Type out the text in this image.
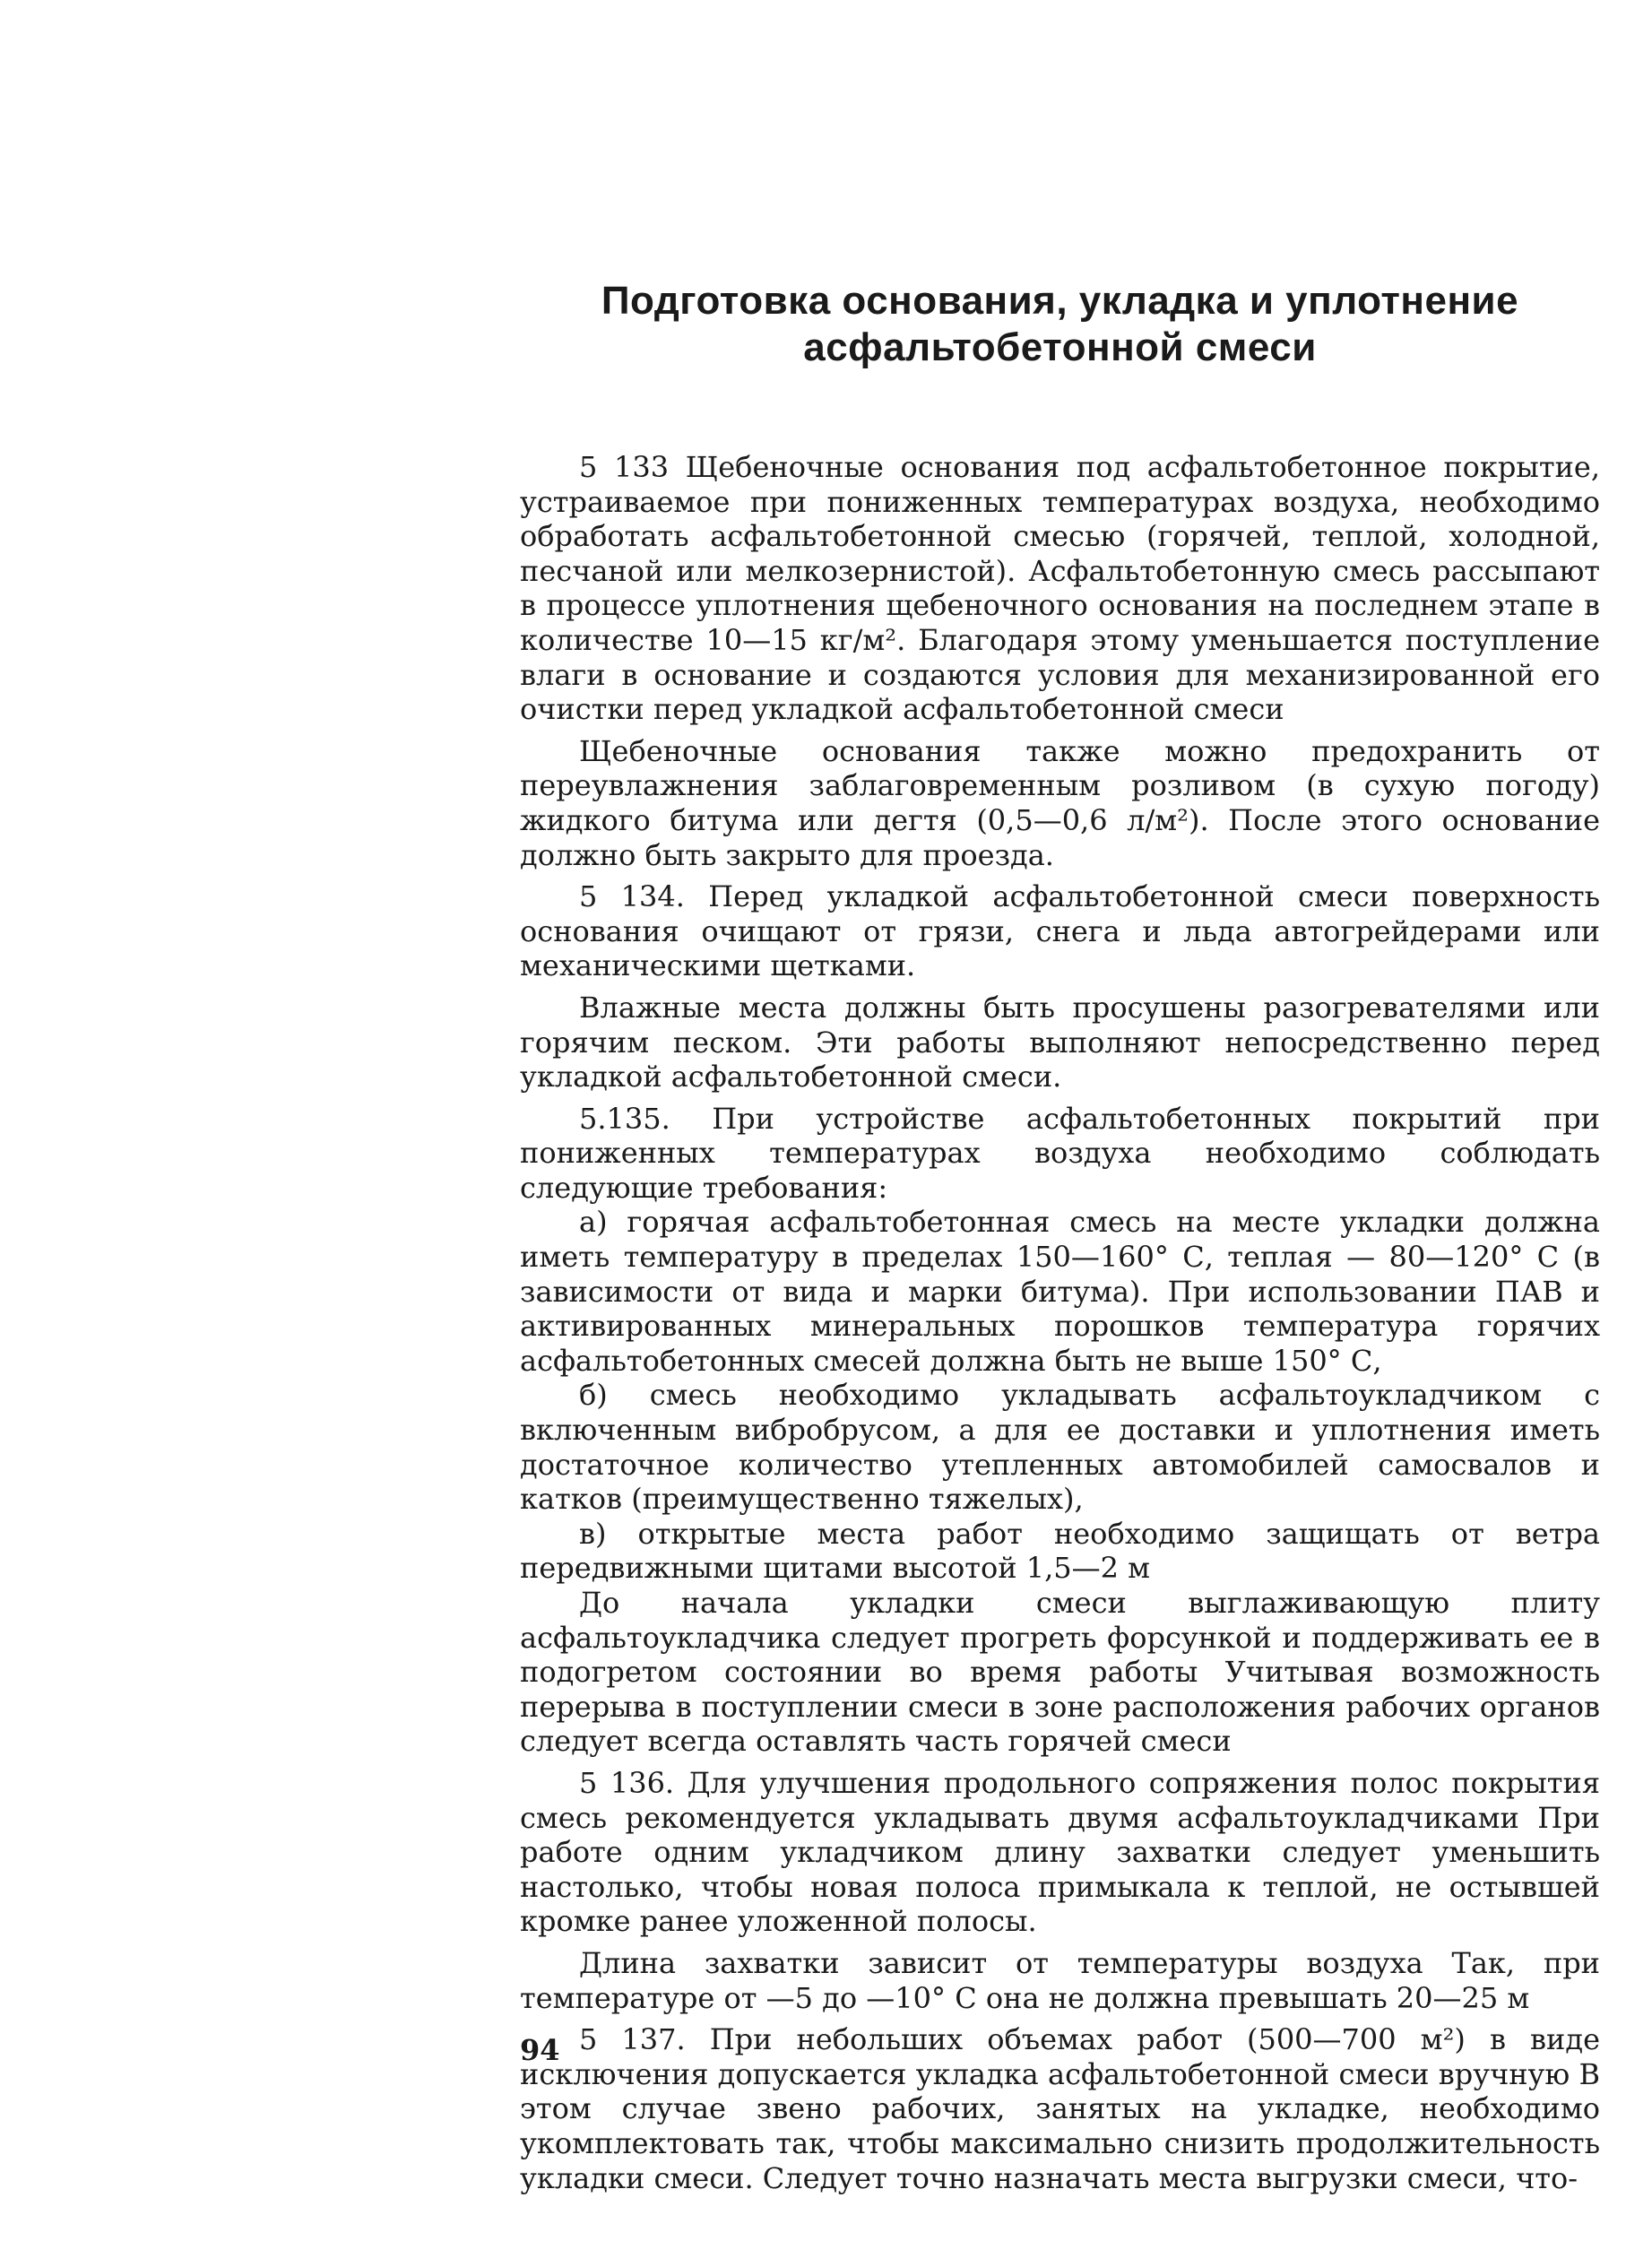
Подготовка основания, укладка и уплотнение
асфальтобетонной смеси

5 133 Щебеночные основания под асфальтобетонное покрытие, устраиваемое при пониженных температурах воздуха, необходимо обработать асфальтобетонной смесью (горячей, теплой, холодной, песчаной или мелкозернистой). Асфальтобетонную смесь рассыпают в процессе уплотнения щебеночного основания на последнем этапе в количестве 10—15 кг/м². Благодаря этому уменьшается поступление влаги в основание и создаются условия для механизированной его очистки перед укладкой асфальтобетонной смеси

Щебеночные основания также можно предохранить от переувлажнения заблаговременным розливом (в сухую погоду) жидкого битума или дегтя (0,5—0,6 л/м²). После этого основание должно быть закрыто для проезда.

5 134. Перед укладкой асфальтобетонной смеси поверхность основания очищают от грязи, снега и льда автогрейдерами или механическими щетками.

Влажные места должны быть просушены разогревателями или горячим песком. Эти работы выполняют непосредственно перед укладкой асфальтобетонной смеси.

5.135. При устройстве асфальтобетонных покрытий при пониженных температурах воздуха необходимо соблюдать следующие требования:

а) горячая асфальтобетонная смесь на месте укладки должна иметь температуру в пределах 150—160° С, теплая — 80—120° С (в зависимости от вида и марки битума). При использовании ПАВ и активированных минеральных порошков температура горячих асфальтобетонных смесей должна быть не выше 150° С,

б) смесь необходимо укладывать асфальтоукладчиком с включенным вибробрусом, а для ее доставки и уплотнения иметь достаточное количество утепленных автомобилей самосвалов и катков (преимущественно тяжелых),

в) открытые места работ необходимо защищать от ветра передвижными щитами высотой 1,5—2 м

До начала укладки смеси выглаживающую плиту асфальтоукладчика следует прогреть форсункой и поддерживать ее в подогретом состоянии во время работы Учитывая возможность перерыва в поступлении смеси в зоне расположения рабочих органов следует всегда оставлять часть горячей смеси

5 136. Для улучшения продольного сопряжения полос покрытия смесь рекомендуется укладывать двумя асфальтоукладчиками При работе одним укладчиком длину захватки следует уменьшить настолько, чтобы новая полоса примыкала к теплой, не остывшей кромке ранее уложенной полосы.

Длина захватки зависит от температуры воздуха Так, при температуре от —5 до —10° С она не должна превышать 20—25 м

5 137. При небольших объемах работ (500—700 м²) в виде исключения допускается укладка асфальтобетонной смеси вручную В этом случае звено рабочих, занятых на укладке, необходимо укомплектовать так, чтобы максимально снизить продолжительность укладки смеси. Следует точно назначать места выгрузки смеси, что-

94
